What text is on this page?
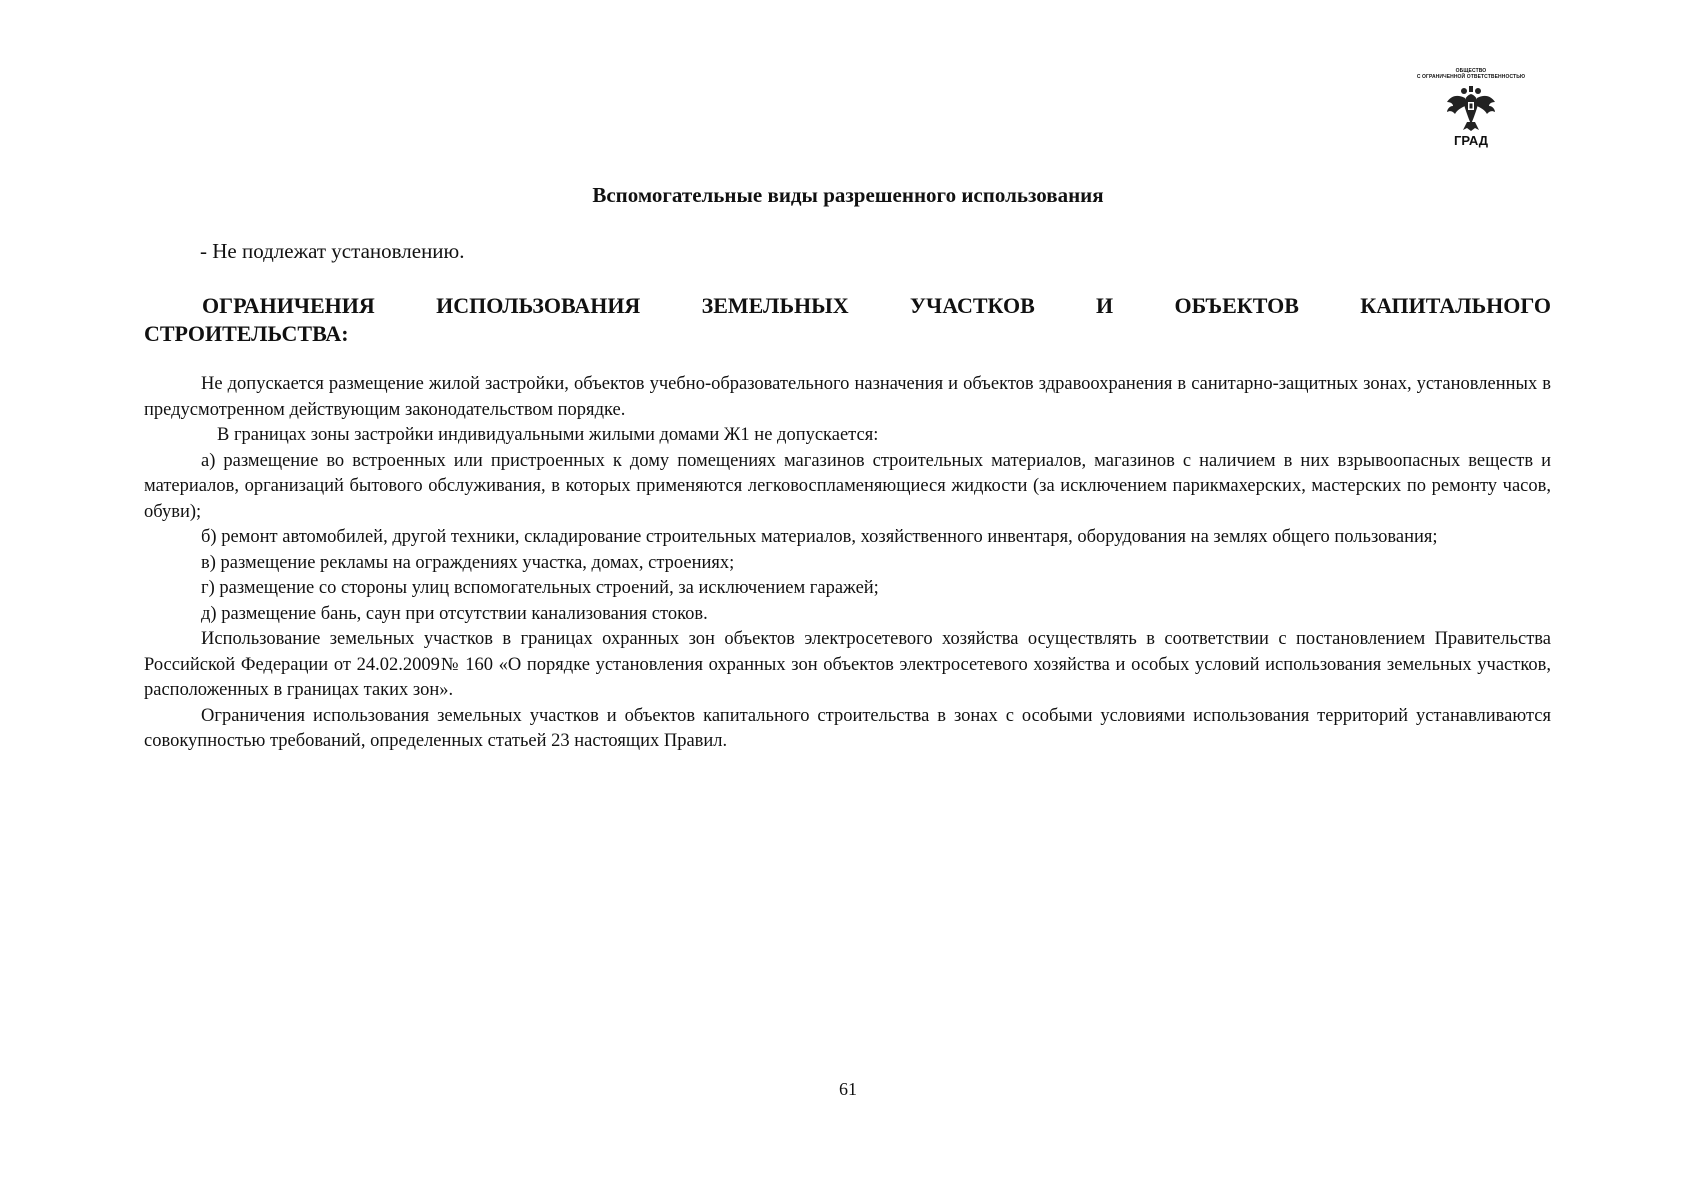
ОБЩЕСТВО
С ОГРАНИЧЕННОЙ ОТВЕТСТВЕННОСТЬЮ
ГРАД
Вспомогательные виды разрешенного использования
- Не подлежат установлению.
ОГРАНИЧЕНИЯ	ИСПОЛЬЗОВАНИЯ	ЗЕМЕЛЬНЫХ	УЧАСТКОВ	И	ОБЪЕКТОВ	КАПИТАЛЬНОГО
СТРОИТЕЛЬСТВА:

Не допускается размещение жилой застройки, объектов учебно-образовательного назначения и объектов здравоохранения в санитарно-защитных зонах, установленных в предусмотренном действующим законодательством порядке.

В границах зоны застройки индивидуальными жилыми домами Ж1 не допускается:

а) размещение во встроенных или пристроенных к дому помещениях магазинов строительных материалов, магазинов с наличием в них взрывоопасных веществ и материалов, организаций бытового обслуживания, в которых применяются легковоспламеняющиеся жидкости (за исключением парикмахерских, мастерских по ремонту часов, обуви);

б) ремонт автомобилей, другой техники, складирование строительных материалов, хозяйственного инвентаря, оборудования на землях общего пользования;

в) размещение рекламы на ограждениях участка, домах, строениях;

г) размещение со стороны улиц вспомогательных строений, за исключением гаражей;

д) размещение бань, саун при отсутствии канализования стоков.

Использование земельных участков в границах охранных зон объектов электросетевого хозяйства осуществлять в соответствии с постановлением Правительства Российской Федерации от 24.02.2009№ 160 «О порядке установления охранных зон объектов электросетевого хозяйства и особых условий использования земельных участков, расположенных в границах таких зон».

Ограничения использования земельных участков и объектов капитального строительства в зонах с особыми условиями использования территорий устанавливаются совокупностью требований, определенных статьей 23 настоящих Правил.

61
